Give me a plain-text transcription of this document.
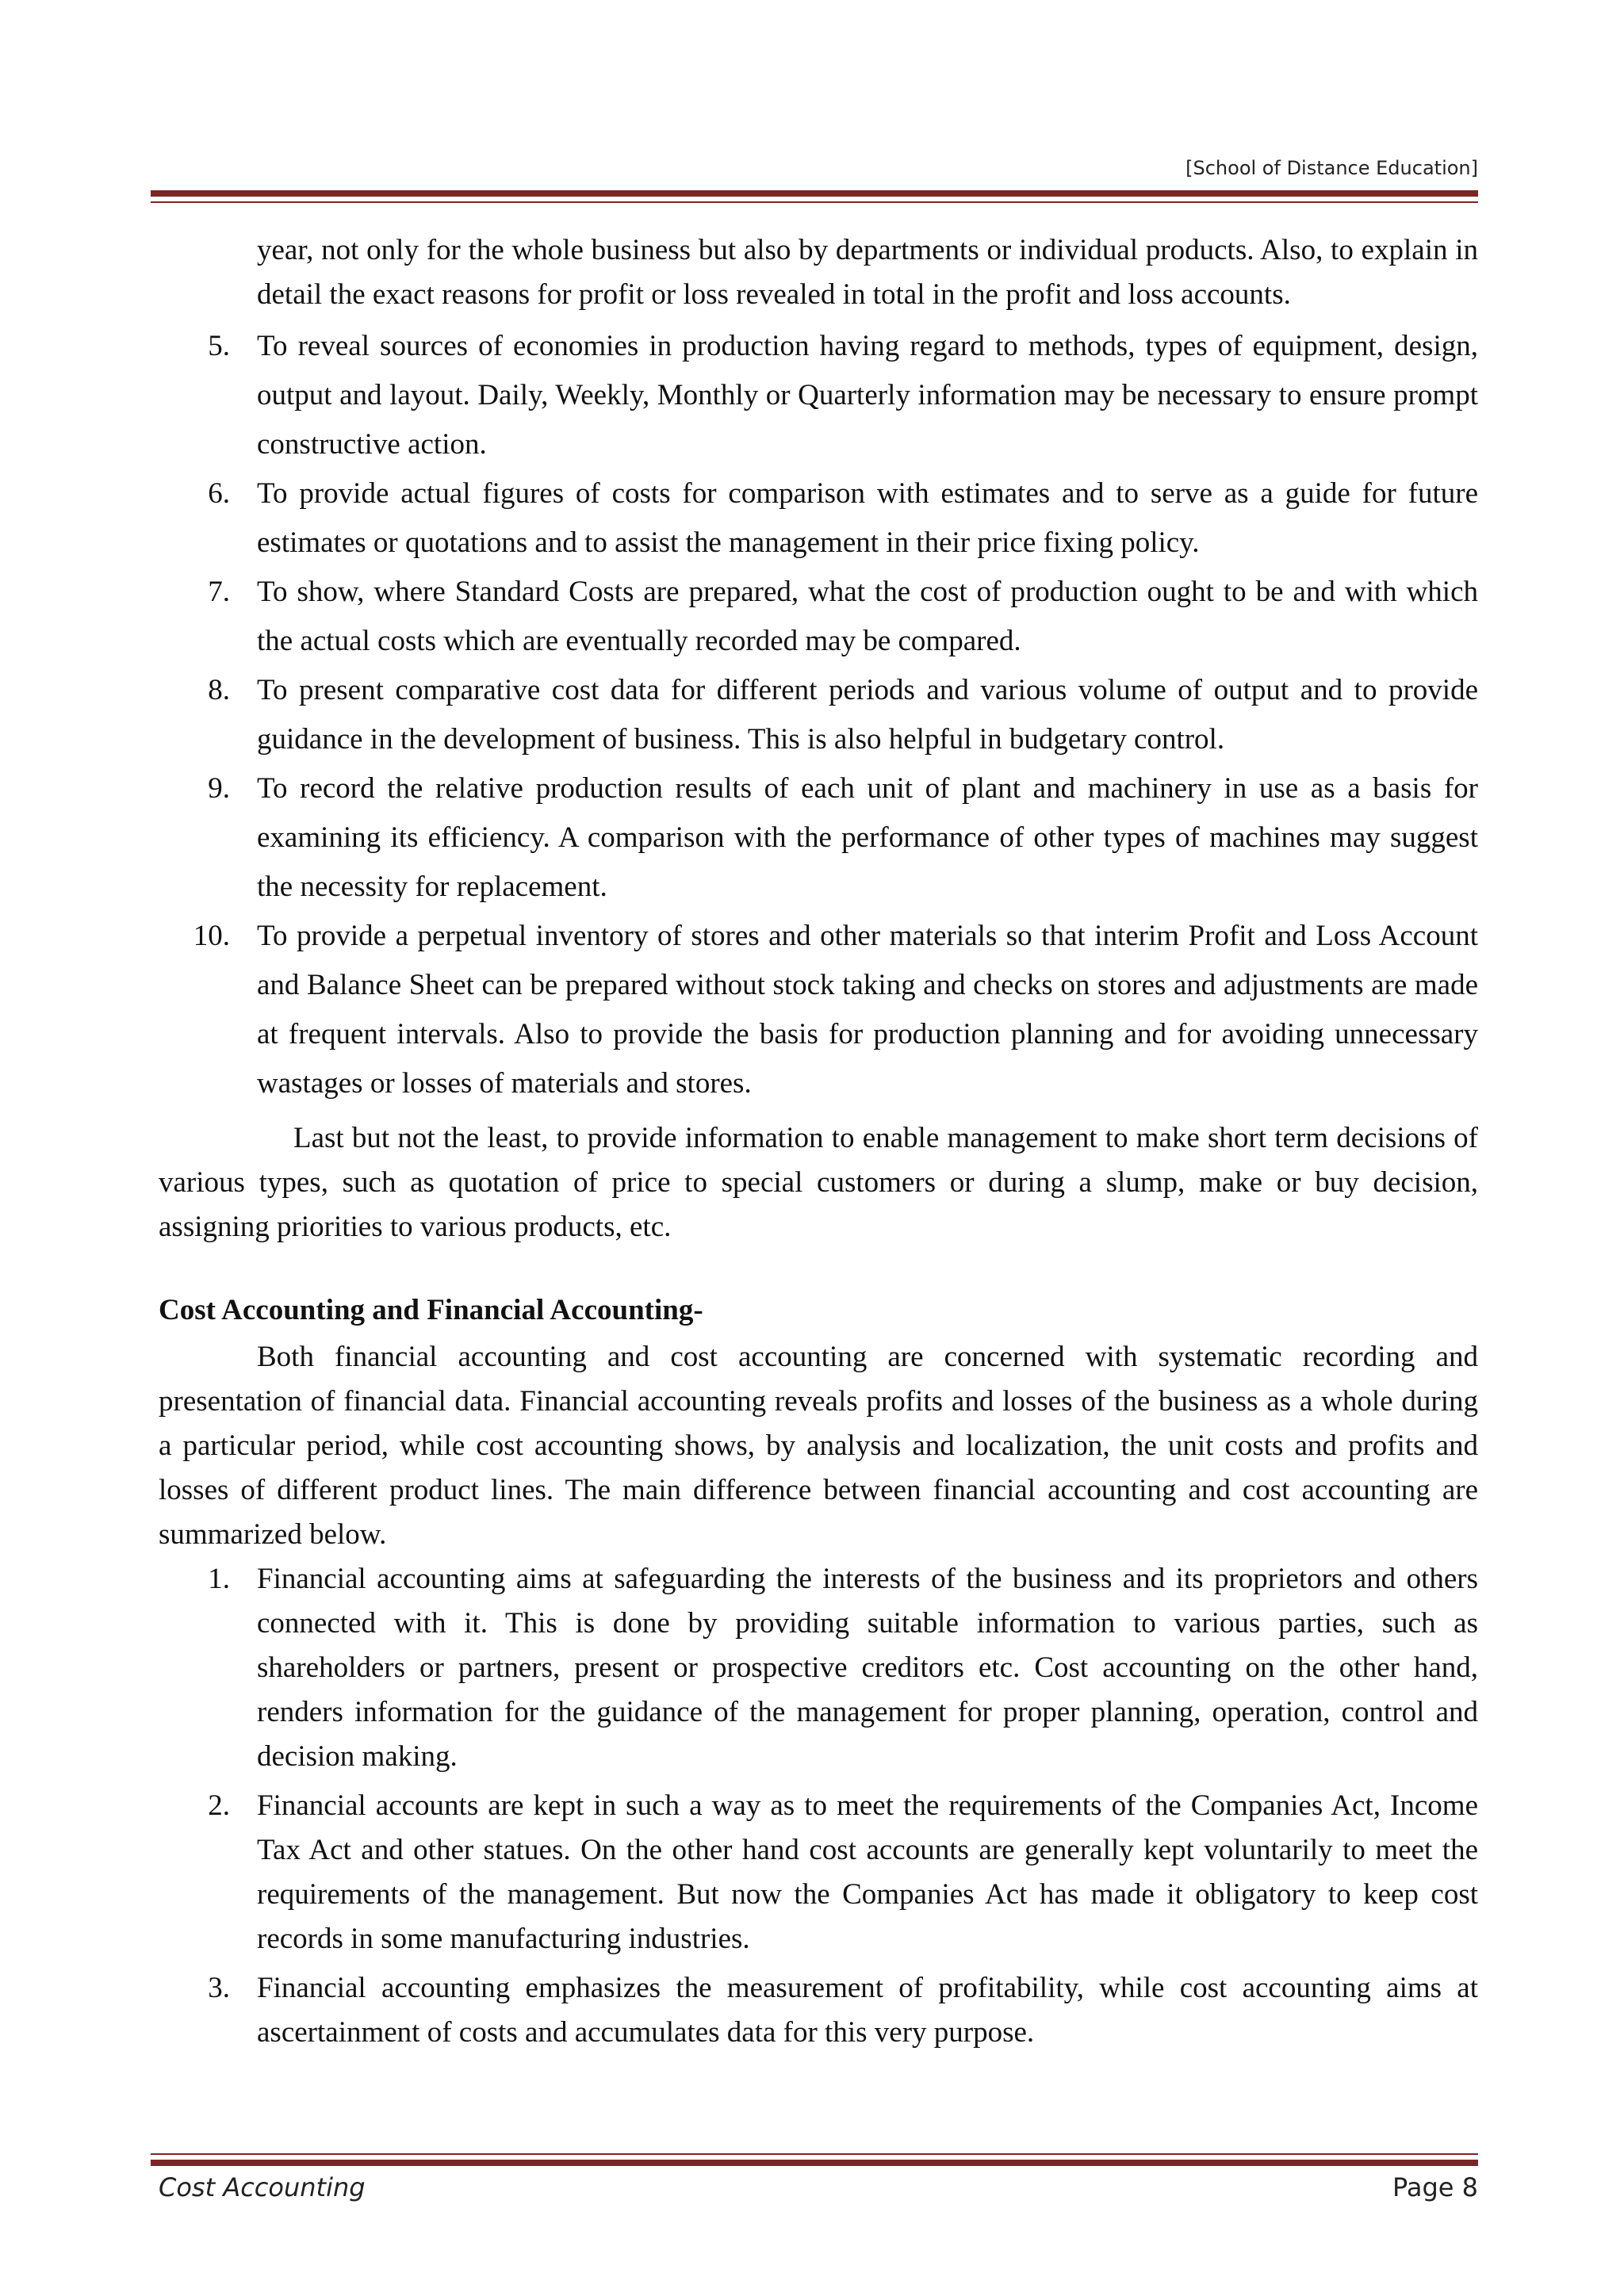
[School of Distance Education]

year, not only for the whole business but also by departments or individual products. Also, to explain in detail the exact reasons for profit or loss revealed in total in the profit and loss accounts.

5. To reveal sources of economies in production having regard to methods, types of equipment, design, output and layout. Daily, Weekly, Monthly or Quarterly information may be necessary to ensure prompt constructive action.
6. To provide actual figures of costs for comparison with estimates and to serve as a guide for future estimates or quotations and to assist the management in their price fixing policy.
7. To show, where Standard Costs are prepared, what the cost of production ought to be and with which the actual costs which are eventually recorded may be compared.
8. To present comparative cost data for different periods and various volume of output and to provide guidance in the development of business. This is also helpful in budgetary control.
9. To record the relative production results of each unit of plant and machinery in use as a basis for examining its efficiency. A comparison with the performance of other types of machines may suggest the necessity for replacement.
10. To provide a perpetual inventory of stores and other materials so that interim Profit and Loss Account and Balance Sheet can be prepared without stock taking and checks on stores and adjustments are made at frequent intervals. Also to provide the basis for production planning and for avoiding unnecessary wastages or losses of materials and stores.

Last but not the least, to provide information to enable management to make short term decisions of various types, such as quotation of price to special customers or during a slump, make or buy decision, assigning priorities to various products, etc.

Cost Accounting and Financial Accounting-

Both financial accounting and cost accounting are concerned with systematic recording and presentation of financial data. Financial accounting reveals profits and losses of the business as a whole during a particular period, while cost accounting shows, by analysis and localization, the unit costs and profits and losses of different product lines. The main difference between financial accounting and cost accounting are summarized below.

1. Financial accounting aims at safeguarding the interests of the business and its proprietors and others connected with it. This is done by providing suitable information to various parties, such as shareholders or partners, present or prospective creditors etc. Cost accounting on the other hand, renders information for the guidance of the management for proper planning, operation, control and decision making.
2. Financial accounts are kept in such a way as to meet the requirements of the Companies Act, Income Tax Act and other statues. On the other hand cost accounts are generally kept voluntarily to meet the requirements of the management. But now the Companies Act has made it obligatory to keep cost records in some manufacturing industries.
3. Financial accounting emphasizes the measurement of profitability, while cost accounting aims at ascertainment of costs and accumulates data for this very purpose.
Cost Accounting	Page 8
